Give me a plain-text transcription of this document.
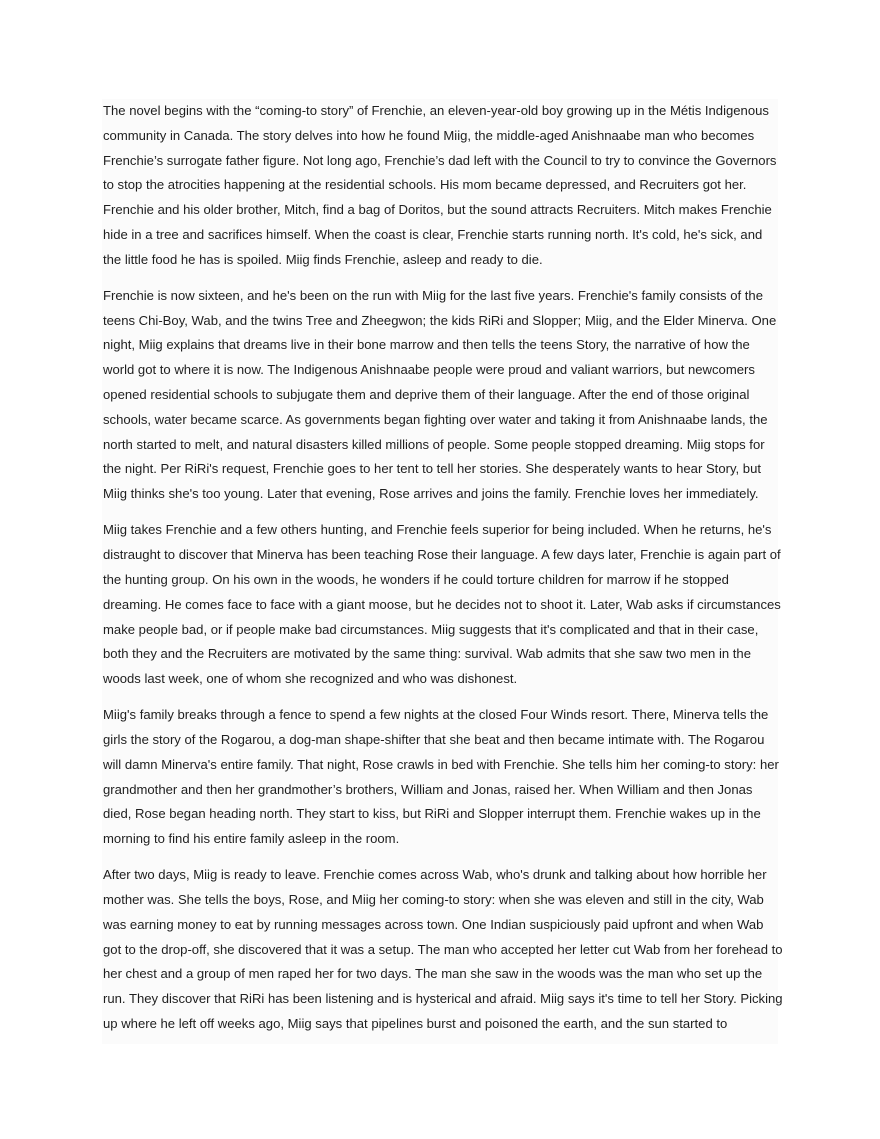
The novel begins with the “coming-to story” of Frenchie, an eleven-year-old boy growing up in the Métis Indigenous
community in Canada. The story delves into how he found Miig, the middle-aged Anishnaabe man who becomes
Frenchie’s surrogate father figure. Not long ago, Frenchie’s dad left with the Council to try to convince the Governors
to stop the atrocities happening at the residential schools. His mom became depressed, and Recruiters got her.
Frenchie and his older brother, Mitch, find a bag of Doritos, but the sound attracts Recruiters. Mitch makes Frenchie
hide in a tree and sacrifices himself. When the coast is clear, Frenchie starts running north. It's cold, he's sick, and
the little food he has is spoiled. Miig finds Frenchie, asleep and ready to die.

Frenchie is now sixteen, and he's been on the run with Miig for the last five years. Frenchie's family consists of the
teens Chi-Boy, Wab, and the twins Tree and Zheegwon; the kids RiRi and Slopper; Miig, and the Elder Minerva. One
night, Miig explains that dreams live in their bone marrow and then tells the teens Story, the narrative of how the
world got to where it is now. The Indigenous Anishnaabe people were proud and valiant warriors, but newcomers
opened residential schools to subjugate them and deprive them of their language. After the end of those original
schools, water became scarce. As governments began fighting over water and taking it from Anishnaabe lands, the
north started to melt, and natural disasters killed millions of people. Some people stopped dreaming. Miig stops for
the night. Per RiRi's request, Frenchie goes to her tent to tell her stories. She desperately wants to hear Story, but
Miig thinks she's too young. Later that evening, Rose arrives and joins the family. Frenchie loves her immediately.

Miig takes Frenchie and a few others hunting, and Frenchie feels superior for being included. When he returns, he's
distraught to discover that Minerva has been teaching Rose their language. A few days later, Frenchie is again part of
the hunting group. On his own in the woods, he wonders if he could torture children for marrow if he stopped
dreaming. He comes face to face with a giant moose, but he decides not to shoot it. Later, Wab asks if circumstances
make people bad, or if people make bad circumstances. Miig suggests that it's complicated and that in their case,
both they and the Recruiters are motivated by the same thing: survival. Wab admits that she saw two men in the
woods last week, one of whom she recognized and who was dishonest.

Miig's family breaks through a fence to spend a few nights at the closed Four Winds resort. There, Minerva tells the
girls the story of the Rogarou, a dog-man shape-shifter that she beat and then became intimate with. The Rogarou
will damn Minerva's entire family. That night, Rose crawls in bed with Frenchie. She tells him her coming-to story: her
grandmother and then her grandmother’s brothers, William and Jonas, raised her. When William and then Jonas
died, Rose began heading north. They start to kiss, but RiRi and Slopper interrupt them. Frenchie wakes up in the
morning to find his entire family asleep in the room.

After two days, Miig is ready to leave. Frenchie comes across Wab, who's drunk and talking about how horrible her
mother was. She tells the boys, Rose, and Miig her coming-to story: when she was eleven and still in the city, Wab
was earning money to eat by running messages across town. One Indian suspiciously paid upfront and when Wab
got to the drop-off, she discovered that it was a setup. The man who accepted her letter cut Wab from her forehead to
her chest and a group of men raped her for two days. The man she saw in the woods was the man who set up the
run. They discover that RiRi has been listening and is hysterical and afraid. Miig says it's time to tell her Story. Picking
up where he left off weeks ago, Miig says that pipelines burst and poisoned the earth, and the sun started to
